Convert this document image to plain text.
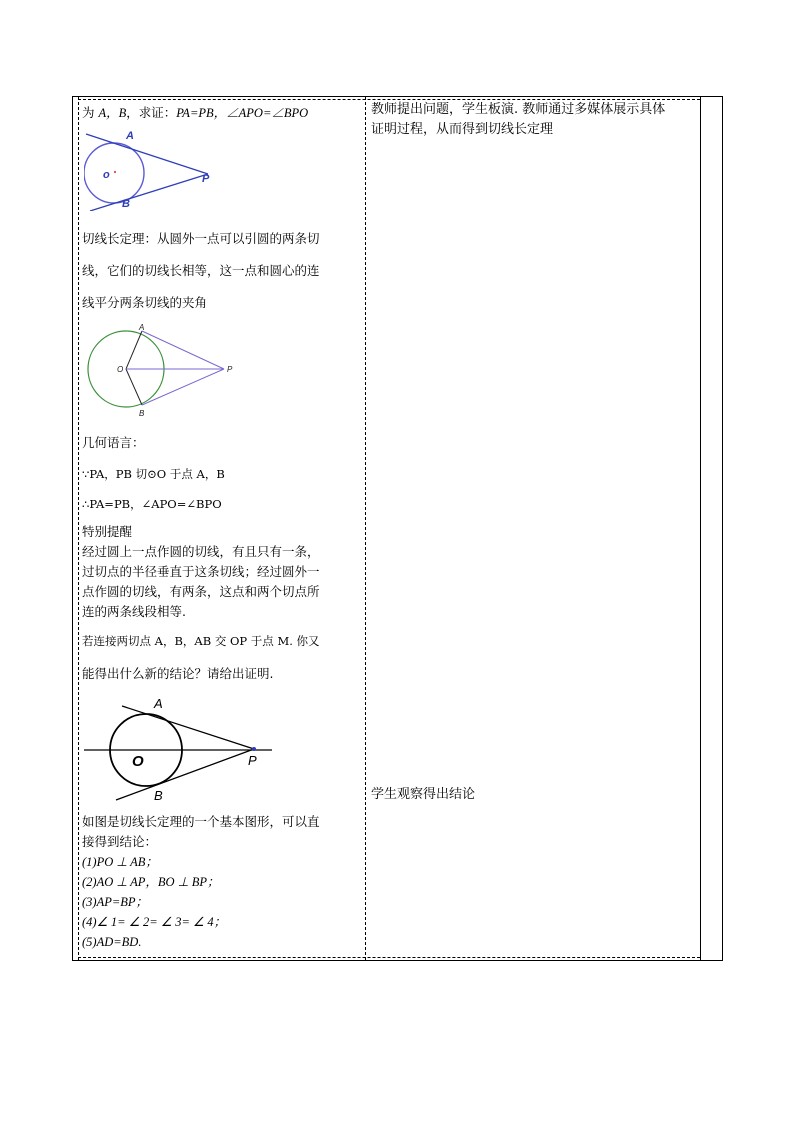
为 A，B，求证：PA=PB，∠APO=∠BPO

A
B
o	P

切线长定理：从圆外一点可以引圆的两条切

线，它们的切线长相等，这一点和圆心的连

线平分两条切线的夹角

A
B
O	P

几何语言：

∵PA，PB 切⊙O 于点 A，B

∴PA=PB，∠APO=∠BPO

特别提醒

经过圆上一点作圆的切线，有且只有一条，

过切点的半径垂直于这条切线；经过圆外一

点作圆的切线，有两条，这点和两个切点所

连的两条线段相等.

若连接两切点 A，B，AB 交 OP 于点 M. 你又

能得出什么新的结论？请给出证明.

A
B
O	P

如图是切线长定理的一个基本图形，可以直

接得到结论：

(1)PO ⊥ AB；

(2)AO ⊥ AP，BO ⊥ BP；

(3)AP=BP；

(4)∠ 1= ∠ 2= ∠ 3= ∠ 4；

(5)AD=BD.

教师提出问题，学生板演. 教师通过多媒体展示具体

证明过程，从而得到切线长定理

学生观察得出结论
